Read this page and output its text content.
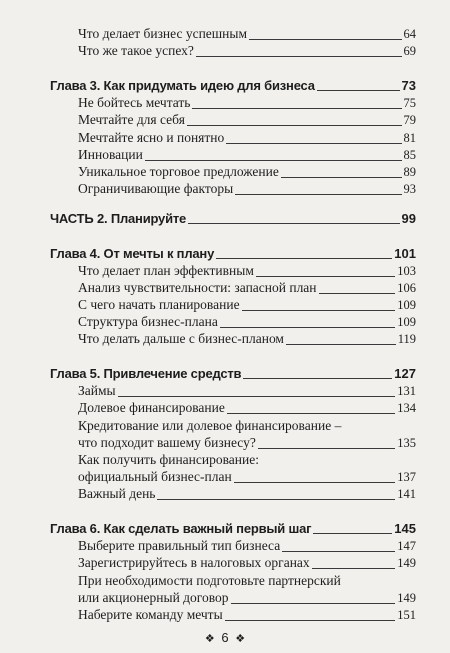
Что делает бизнес успешным	64
Что же такое успех?	69
Глава 3. Как придумать идею для бизнеса	73
Не бойтесь мечтать	75
Мечтайте для себя	79
Мечтайте ясно и понятно	81
Инновации	85
Уникальное торговое предложение	89
Ограничивающие факторы	93
ЧАСТЬ 2. Планируйте	99
Глава 4. От мечты к плану	101
Что делает план эффективным	103
Анализ чувствительности: запасной план	106
С чего начать планирование	109
Структура бизнес-плана	109
Что делать дальше с бизнес-планом	119
Глава 5. Привлечение средств	127
Займы	131
Долевое финансирование	134
Кредитование или долевое финансирование –
что подходит вашему бизнесу?	135
Как получить финансирование:
официальный бизнес-план	137
Важный день	141
Глава 6. Как сделать важный первый шаг	145
Выберите правильный тип бизнеса	147
Зарегистрируйтесь в налоговых органах	149
При необходимости подготовьте партнерский
или акционерный договор	149
Наберите команду мечты	151
❖ 6 ❖
